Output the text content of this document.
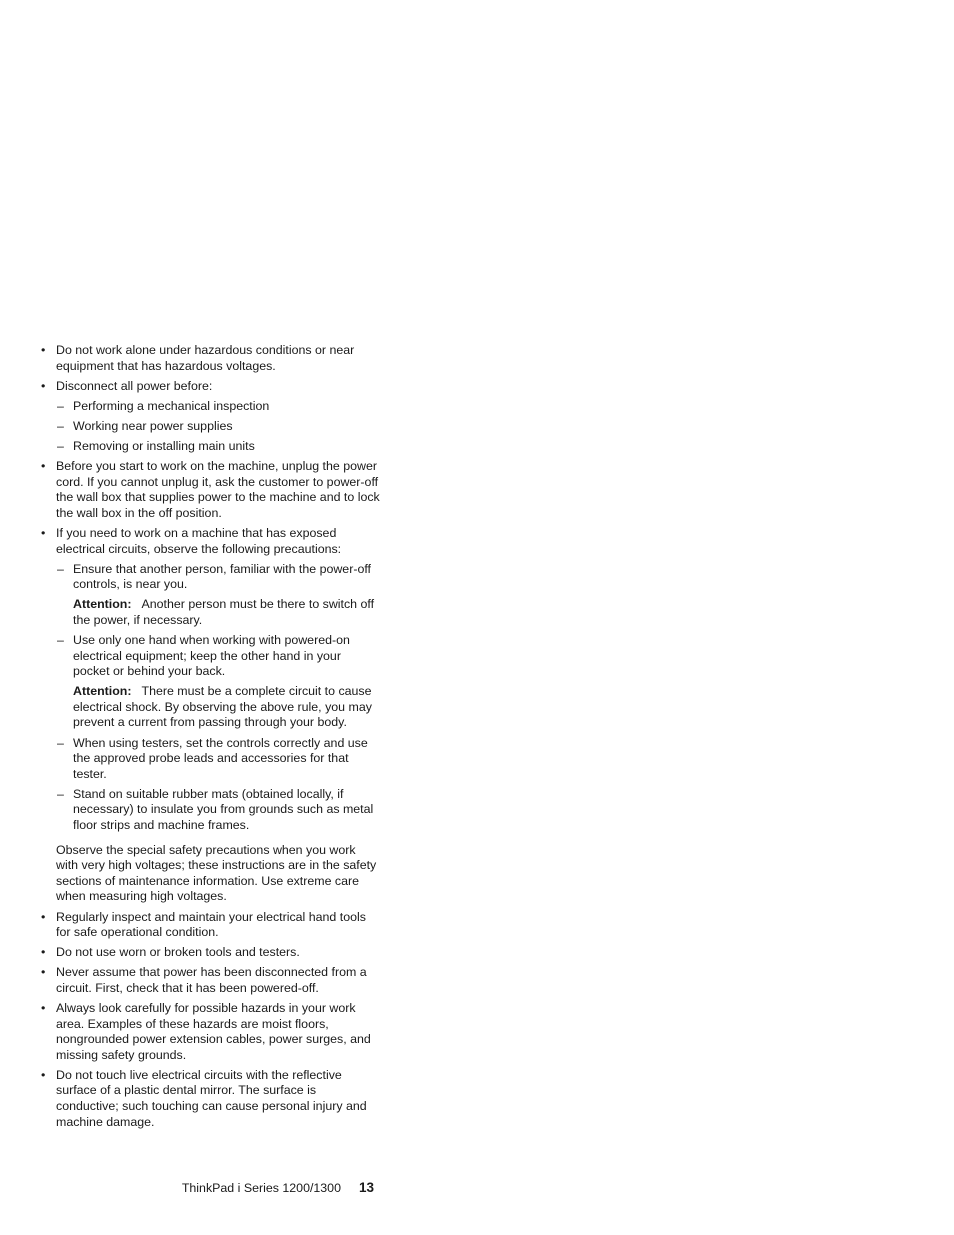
• Do not work alone under hazardous conditions or near equipment that has hazardous voltages.
• Disconnect all power before:
– Performing a mechanical inspection
– Working near power supplies
– Removing or installing main units
• Before you start to work on the machine, unplug the power cord. If you cannot unplug it, ask the customer to power-off the wall box that supplies power to the machine and to lock the wall box in the off position.
• If you need to work on a machine that has exposed electrical circuits, observe the following precautions:
– Ensure that another person, familiar with the power-off controls, is near you.
Attention: Another person must be there to switch off the power, if necessary.
– Use only one hand when working with powered-on electrical equipment; keep the other hand in your pocket or behind your back.
Attention: There must be a complete circuit to cause electrical shock. By observing the above rule, you may prevent a current from passing through your body.
– When using testers, set the controls correctly and use the approved probe leads and accessories for that tester.
– Stand on suitable rubber mats (obtained locally, if necessary) to insulate you from grounds such as metal floor strips and machine frames.
Observe the special safety precautions when you work with very high voltages; these instructions are in the safety sections of maintenance information. Use extreme care when measuring high voltages.
• Regularly inspect and maintain your electrical hand tools for safe operational condition.
• Do not use worn or broken tools and testers.
• Never assume that power has been disconnected from a circuit. First, check that it has been powered-off.
• Always look carefully for possible hazards in your work area. Examples of these hazards are moist floors, nongrounded power extension cables, power surges, and missing safety grounds.
• Do not touch live electrical circuits with the reflective surface of a plastic dental mirror. The surface is conductive; such touching can cause personal injury and machine damage.
ThinkPad i Series 1200/1300 13
